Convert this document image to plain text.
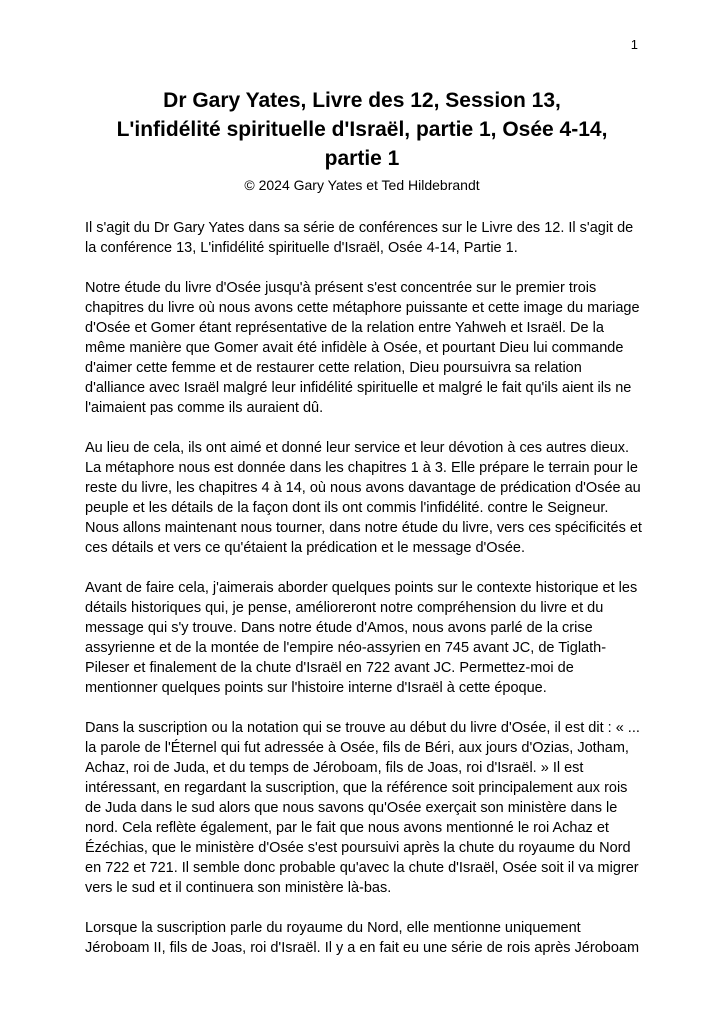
1
Dr Gary Yates, Livre des 12, Session 13,
L'infidélité spirituelle d'Israël, partie 1, Osée 4-14,
partie 1
© 2024 Gary Yates et Ted Hildebrandt

Il s'agit du Dr Gary Yates dans sa série de conférences sur le Livre des 12. Il s'agit de la conférence 13, L'infidélité spirituelle d'Israël, Osée 4-14, Partie 1.

Notre étude du livre d'Osée jusqu'à présent s'est concentrée sur le premier trois chapitres du livre où nous avons cette métaphore puissante et cette image du mariage d'Osée et Gomer étant représentative de la relation entre Yahweh et Israël. De la même manière que Gomer avait été infidèle à Osée, et pourtant Dieu lui commande d'aimer cette femme et de restaurer cette relation, Dieu poursuivra sa relation d'alliance avec Israël malgré leur infidélité spirituelle et malgré le fait qu'ils aient ils ne l'aimaient pas comme ils auraient dû.

Au lieu de cela, ils ont aimé et donné leur service et leur dévotion à ces autres dieux. La métaphore nous est donnée dans les chapitres 1 à 3. Elle prépare le terrain pour le reste du livre, les chapitres 4 à 14, où nous avons davantage de prédication d'Osée au peuple et les détails de la façon dont ils ont commis l'infidélité. contre le Seigneur. Nous allons maintenant nous tourner, dans notre étude du livre, vers ces spécificités et ces détails et vers ce qu'étaient la prédication et le message d'Osée.

Avant de faire cela, j'aimerais aborder quelques points sur le contexte historique et les détails historiques qui, je pense, amélioreront notre compréhension du livre et du message qui s'y trouve. Dans notre étude d'Amos, nous avons parlé de la crise assyrienne et de la montée de l'empire néo-assyrien en 745 avant JC, de Tiglath-Pileser et finalement de la chute d'Israël en 722 avant JC. Permettez-moi de mentionner quelques points sur l'histoire interne d'Israël à cette époque.

Dans la suscription ou la notation qui se trouve au début du livre d'Osée, il est dit : « ... la parole de l'Éternel qui fut adressée à Osée, fils de Béri, aux jours d'Ozias, Jotham, Achaz, roi de Juda, et du temps de Jéroboam, fils de Joas, roi d'Israël. » Il est intéressant, en regardant la suscription, que la référence soit principalement aux rois de Juda dans le sud alors que nous savons qu'Osée exerçait son ministère dans le nord. Cela reflète également, par le fait que nous avons mentionné le roi Achaz et Ézéchias, que le ministère d'Osée s'est poursuivi après la chute du royaume du Nord en 722 et 721. Il semble donc probable qu'avec la chute d'Israël, Osée soit il va migrer vers le sud et il continuera son ministère là-bas.

Lorsque la suscription parle du royaume du Nord, elle mentionne uniquement Jéroboam II, fils de Joas, roi d'Israël. Il y a en fait eu une série de rois après Jéroboam
